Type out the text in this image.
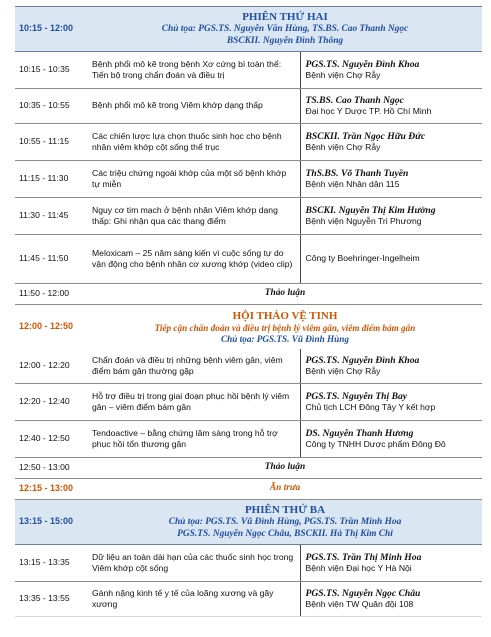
10:15 - 12:00	PHIÊN THỨ HAI
Chủ tọa: PGS.TS. Nguyễn Văn Hùng, TS.BS. Cao Thanh Ngọc
BSCKII. Nguyễn Đình Thông	

10:15 - 10:35	Bệnh phổi mô kẽ trong bệnh Xơ cứng bì toàn thể: Tiến bộ trong chẩn đoán và điều trị	PGS.TS. Nguyễn Đình Khoa
Bệnh viện Chợ Rẫy

10:35 - 10:55	Bệnh phổi mô kẽ trong Viêm khớp dạng thấp	TS.BS. Cao Thanh Ngọc
Đại học Y Dược TP. Hồ Chí Minh

10:55 - 11:15	Các chiến lược lựa chọn thuốc sinh học cho bệnh nhân viêm khớp cột sống thể trục	BSCKII. Trần Ngọc Hữu Đức
Bệnh viện Chợ Rẫy

11:15 - 11:30	Các triệu chứng ngoài khớp của một số bệnh khớp tự miễn	ThS.BS. Võ Thanh Tuyền
Bệnh viện Nhân dân 115

11:30 - 11:45	Nguy cơ tim mạch ở bệnh nhân Viêm khớp dạng thấp: Ghi nhận qua các thang điểm	BSCKI. Nguyễn Thị Kim Hường
Bệnh viện Nguyễn Tri Phương

11:45 - 11:50	Meloxicam – 25 năm sáng kiến vì cuộc sống tự do vận động cho bệnh nhân cơ xương khớp (video clip)	Công ty Boehringer-Ingelheim

11:50 - 12:00	Thảo luận	
12:00 - 12:50	HỘI THẢO VỆ TINH
Tiếp cận chẩn đoán và điều trị bệnh lý viêm gân, viêm điểm bám gân
Chủ tọa: PGS.TS. Vũ Đình Hùng	

12:00 - 12:20	Chẩn đoán và điều trị những bệnh viêm gân, viêm điểm bám gân thường gặp	PGS.TS. Nguyễn Đình Khoa
Bệnh viện Chợ Rẫy

12:20 - 12:40	Hỗ trợ điều trị trong giai đoạn phục hồi bệnh lý viêm gân – viêm điểm bám gân	PGS.TS. Nguyễn Thị Bay
Chủ tịch LCH Đông Tây Y kết hợp

12:40 - 12:50	Tendoactive – bằng chứng lâm sàng trong hỗ trợ phục hồi tổn thương gân	DS. Nguyễn Thanh Hương
Công ty TNHH Dược phẩm Đông Đô

12:50 - 13:00	Thảo luận	
12:15 - 13:00	Ăn trưa	
13:15 - 15:00	PHIÊN THỨ BA
Chủ tọa: PGS.TS. Vũ Đình Hùng, PGS.TS. Trần Minh Hoa
PGS.TS. Nguyễn Ngọc Châu, BSCKII. Hà Thị Kim Chi	

13:15 - 13:35	Dữ liệu an toàn dài hạn của các thuốc sinh học trong Viêm khớp cột sống	PGS.TS. Trần Thị Minh Hoa
Bệnh viện Đại học Y Hà Nội

13:35 - 13:55	Gánh nặng kinh tế y tế của loãng xương và gãy xương	PGS.TS. Nguyễn Ngọc Châu
Bệnh viện TW Quân đội 108
